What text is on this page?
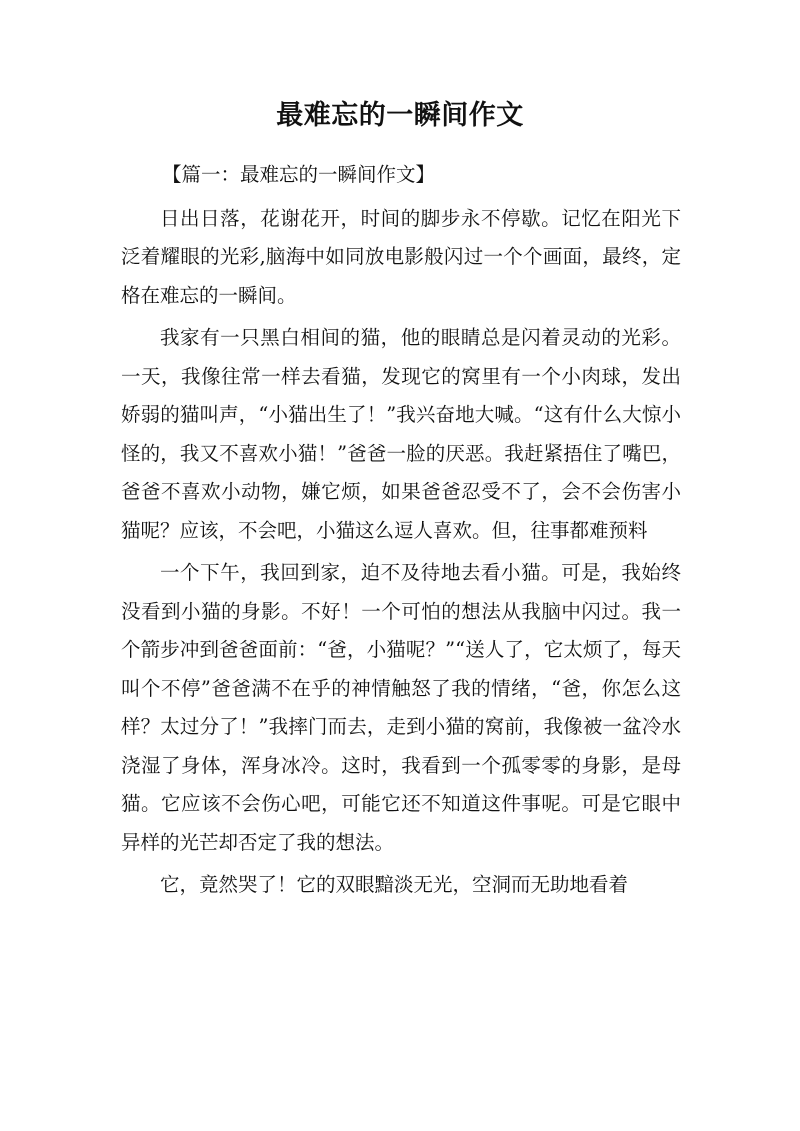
最难忘的一瞬间作文

【篇一：最难忘的一瞬间作文】

日出日落，花谢花开，时间的脚步永不停歇。记忆在阳光下泛着耀眼的光彩,脑海中如同放电影般闪过一个个画面，最终，定格在难忘的一瞬间。

我家有一只黑白相间的猫，他的眼睛总是闪着灵动的光彩。一天，我像往常一样去看猫，发现它的窝里有一个小肉球，发出娇弱的猫叫声，“小猫出生了！”我兴奋地大喊。“这有什么大惊小怪的，我又不喜欢小猫！”爸爸一脸的厌恶。我赶紧捂住了嘴巴，爸爸不喜欢小动物，嫌它烦，如果爸爸忍受不了，会不会伤害小猫呢？应该，不会吧，小猫这么逗人喜欢。但，往事都难预料

一个下午，我回到家，迫不及待地去看小猫。可是，我始终没看到小猫的身影。不好！一个可怕的想法从我脑中闪过。我一个箭步冲到爸爸面前：“爸，小猫呢？”“送人了，它太烦了，每天叫个不停”爸爸满不在乎的神情触怒了我的情绪，“爸，你怎么这样？太过分了！”我摔门而去，走到小猫的窝前，我像被一盆冷水浇湿了身体，浑身冰冷。这时，我看到一个孤零零的身影，是母猫。它应该不会伤心吧，可能它还不知道这件事呢。可是它眼中异样的光芒却否定了我的想法。

它，竟然哭了！它的双眼黯淡无光，空洞而无助地看着
